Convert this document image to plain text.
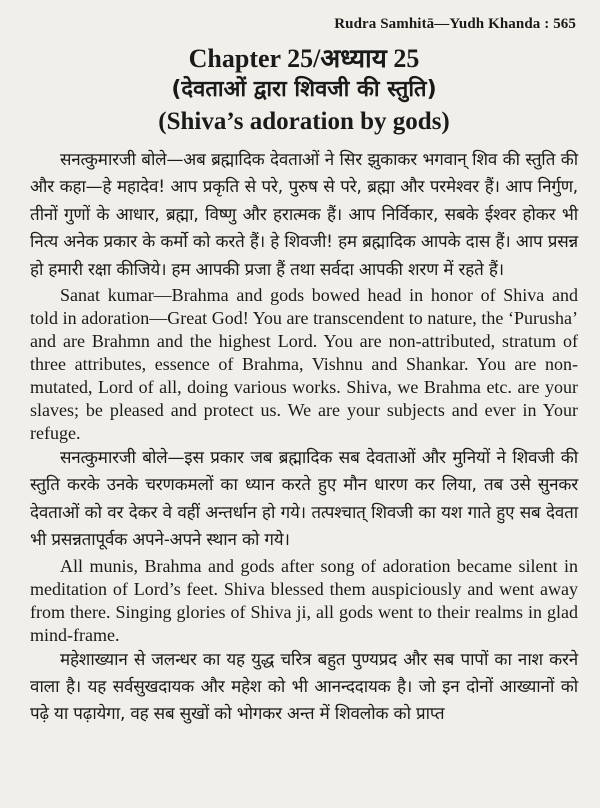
Rudra Samhitā—Yudh Khanda : 565
Chapter 25/अध्याय 25
(देवताओं द्वारा शिवजी की स्तुति)
(Shiva’s adoration by gods)

सनत्कुमारजी बोले—अब ब्रह्मादिक देवताओं ने सिर झुकाकर भगवान् शिव की स्तुति की और कहा—हे महादेव! आप प्रकृति से परे, पुरुष से परे, ब्रह्मा और परमेश्वर हैं। आप निर्गुण, तीनों गुणों के आधार, ब्रह्मा, विष्णु और हरात्मक हैं। आप निर्विकार, सबके ईश्वर होकर भी नित्य अनेक प्रकार के कर्मो को करते हैं। हे शिवजी! हम ब्रह्मादिक आपके दास हैं। आप प्रसन्न हो हमारी रक्षा कीजिये। हम आपकी प्रजा हैं तथा सर्वदा आपकी शरण में रहते हैं।

Sanat kumar—Brahma and gods bowed head in honor of Shiva and told in adoration—Great God! You are transcendent to nature, the ‘Purusha’ and are Brahmn and the highest Lord. You are non-attributed, stratum of three attributes, essence of Brahma, Vishnu and Shankar. You are non-mutated, Lord of all, doing various works. Shiva, we Brahma etc. are your slaves; be pleased and protect us. We are your subjects and ever in Your refuge.

सनत्कुमारजी बोले—इस प्रकार जब ब्रह्मादिक सब देवताओं और मुनियों ने शिवजी की स्तुति करके उनके चरणकमलों का ध्यान करते हुए मौन धारण कर लिया, तब उसे सुनकर देवताओं को वर देकर वे वहीं अन्तर्धान हो गये। तत्पश्चात् शिवजी का यश गाते हुए सब देवता भी प्रसन्नतापूर्वक अपने-अपने स्थान को गये।

All munis, Brahma and gods after song of adoration became silent in meditation of Lord’s feet. Shiva blessed them auspiciously and went away from there. Singing glories of Shiva ji, all gods went to their realms in glad mind-frame.

महेशाख्यान से जलन्धर का यह युद्ध चरित्र बहुत पुण्यप्रद और सब पापों का नाश करने वाला है। यह सर्वसुखदायक और महेश को भी आनन्ददायक है। जो इन दोनों आख्यानों को पढ़े या पढ़ायेगा, वह सब सुखों को भोगकर अन्त में शिवलोक को प्राप्त
